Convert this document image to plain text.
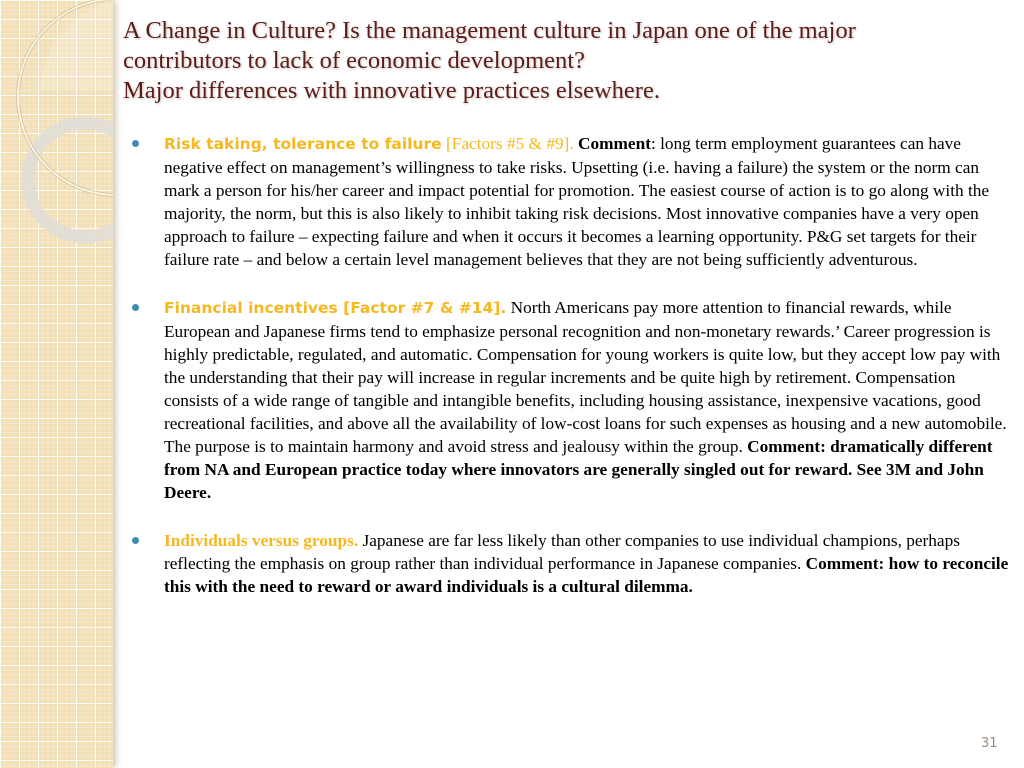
A Change in Culture? Is the management culture in Japan one of the major
contributors to lack of economic development?
Major differences with innovative practices elsewhere.

Risk taking, tolerance to failure [Factors #5 & #9]. Comment: long term employment guarantees can have negative effect on management’s willingness to take risks. Upsetting (i.e. having a failure) the system or the norm can mark a person for his/her career and impact potential for promotion. The easiest course of action is to go along with the majority, the norm, but this is also likely to inhibit taking risk decisions. Most innovative companies have a very open approach to failure – expecting failure and when it occurs it becomes a learning opportunity. P&G set targets for their failure rate – and below a certain level management believes that they are not being sufficiently adventurous.

Financial incentives [Factor #7 & #14]. North Americans pay more attention to financial rewards, while European and Japanese firms tend to emphasize personal recognition and non-monetary rewards.’ Career progression is highly predictable, regulated, and automatic. Compensation for young workers is quite low, but they accept low pay with the understanding that their pay will increase in regular increments and be quite high by retirement. Compensation consists of a wide range of tangible and intangible benefits, including housing assistance, inexpensive vacations, good recreational facilities, and above all the availability of low-cost loans for such expenses as housing and a new automobile. The purpose is to maintain harmony and avoid stress and jealousy within the group. Comment: dramatically different from NA and European practice today where innovators are generally singled out for reward. See 3M and John Deere.

Individuals versus groups. Japanese are far less likely than other companies to use individual champions, perhaps reflecting the emphasis on group rather than individual performance in Japanese companies. Comment: how to reconcile this with the need to reward or award individuals is a cultural dilemma.

31
